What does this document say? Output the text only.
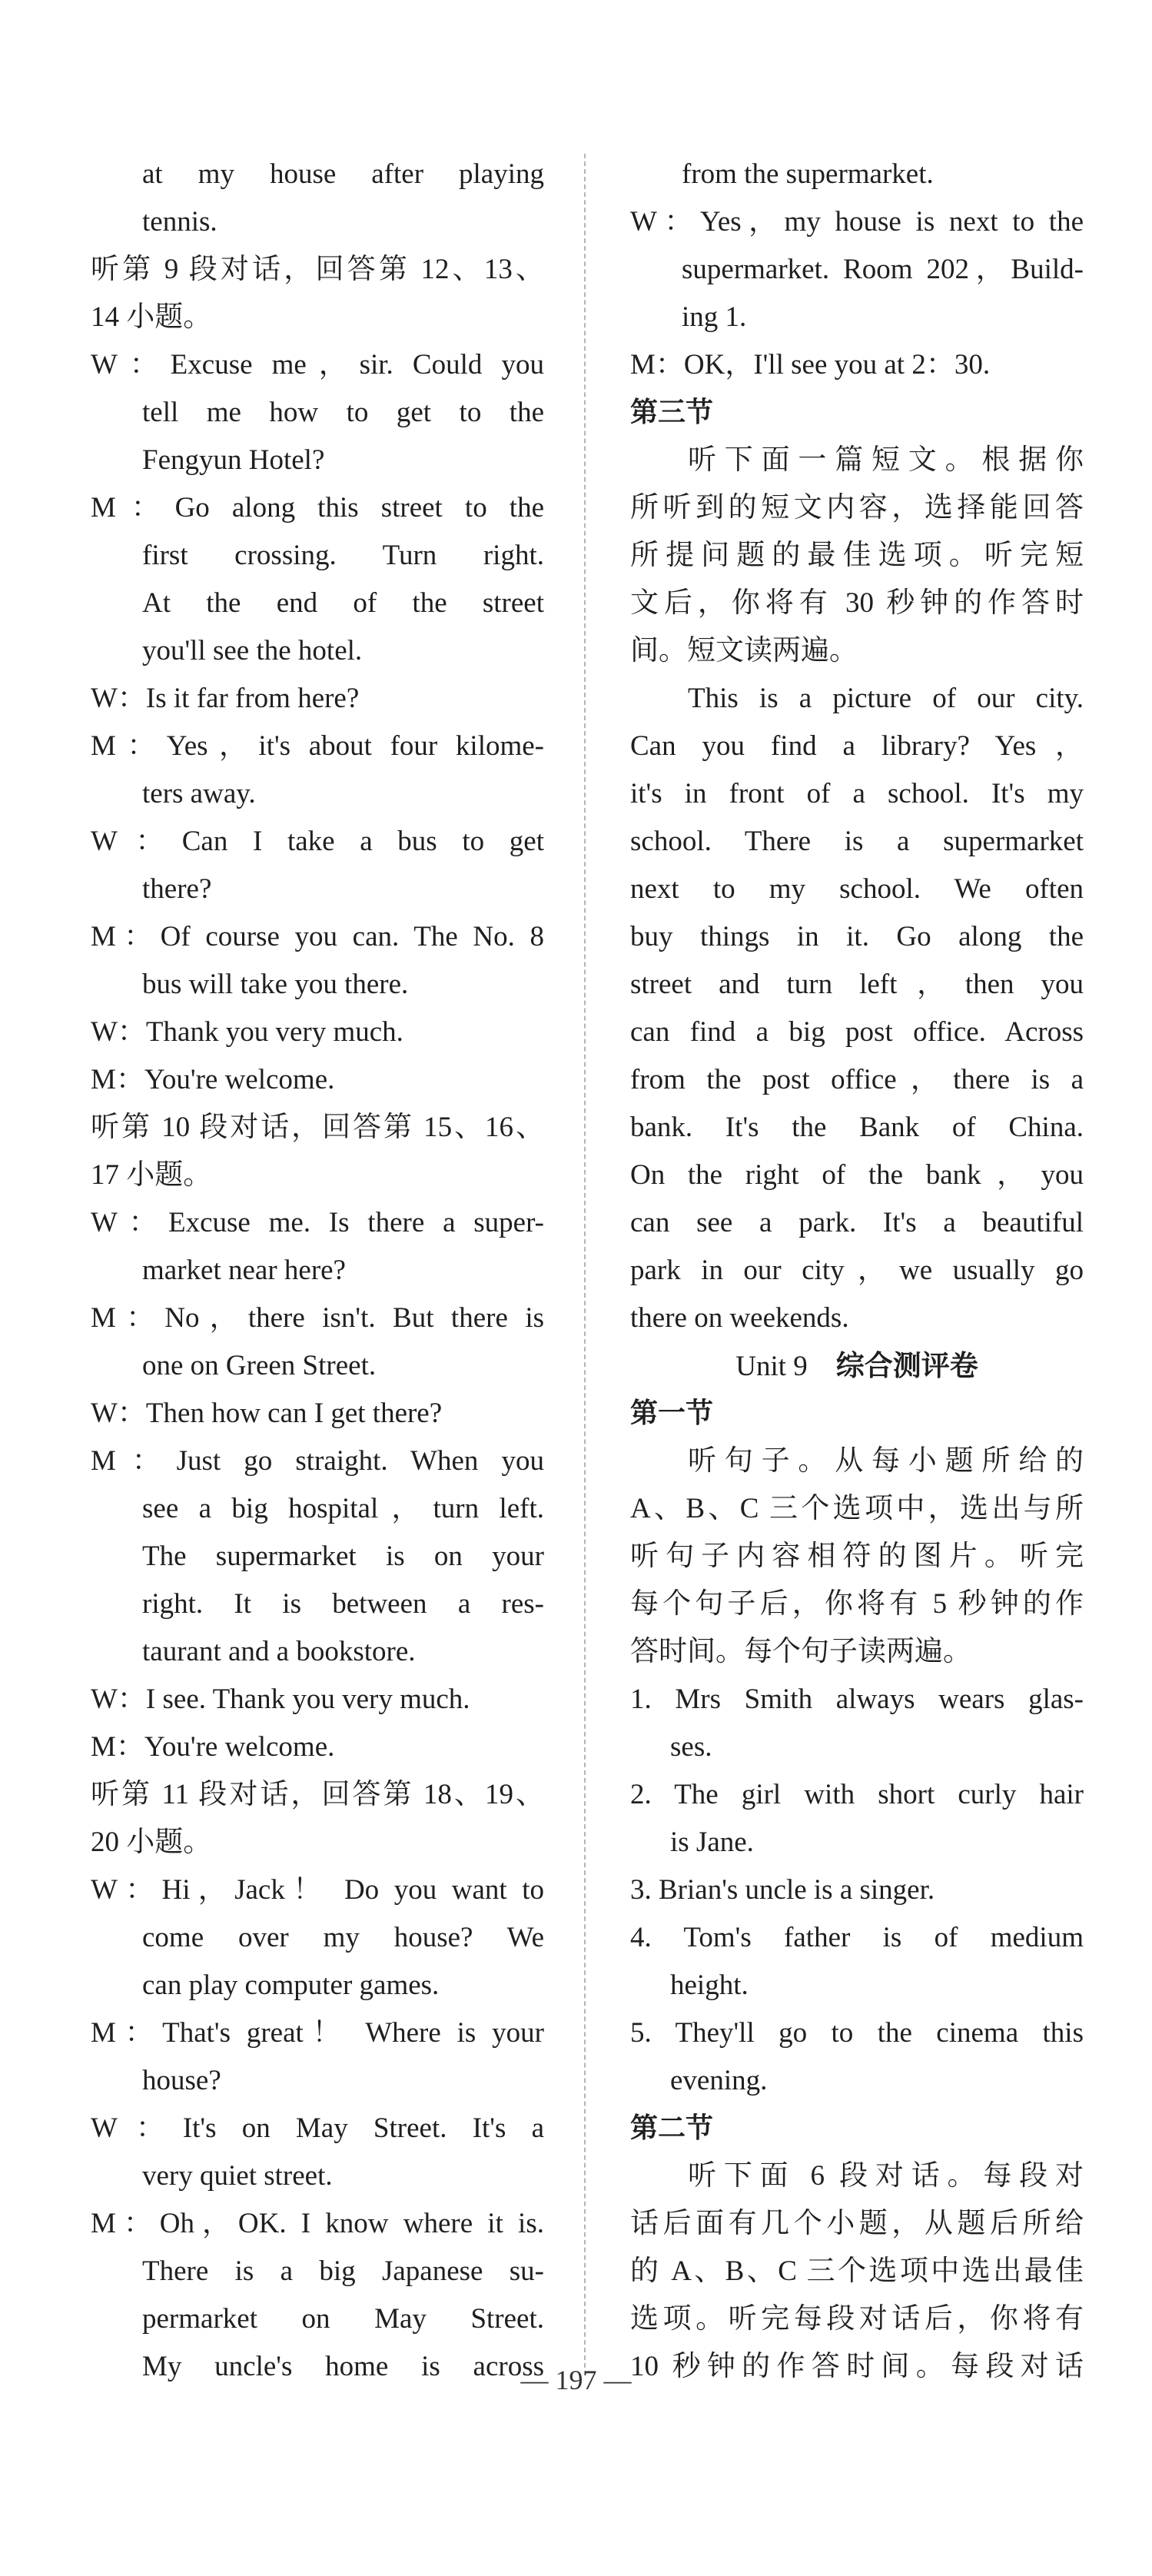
at my house after playing
tennis.
听第 9 段对话，回答第 12、13、
14 小题。
W：Excuse me，sir. Could you
tell me how to get to the
Fengyun Hotel?
M：Go along this street to the
first crossing. Turn right.
At the end of the street
you'll see the hotel.
W：Is it far from here?
M：Yes，it's about four kilome-
ters away.
W：Can I take a bus to get
there?
M：Of course you can. The No. 8
bus will take you there.
W：Thank you very much.
M：You're welcome.
听第 10 段对话，回答第 15、16、
17 小题。
W：Excuse me. Is there a super-
market near here?
M：No，there isn't. But there is
one on Green Street.
W：Then how can I get there?
M：Just go straight. When you
see a big hospital，turn left.
The supermarket is on your
right. It is between a res-
taurant and a bookstore.
W：I see. Thank you very much.
M：You're welcome.
听第 11 段对话，回答第 18、19、
20 小题。
W：Hi，Jack！ Do you want to
come over my house? We
can play computer games.
M：That's great！ Where is your
house?
W：It's on May Street. It's a
very quiet street.
M：Oh，OK. I know where it is.
There is a big Japanese su-
permarket on May Street.
My uncle's home is across
from the supermarket.
W：Yes，my house is next to the
supermarket. Room 202，Build-
ing 1.
M：OK，I'll see you at 2：30.
第三节
听下面一篇短文。根据你
所听到的短文内容，选择能回答
所提问题的最佳选项。听完短
文后，你将有 30 秒钟的作答时
间。短文读两遍。
This is a picture of our city.
Can you find a library? Yes，
it's in front of a school. It's my
school. There is a supermarket
next to my school. We often
buy things in it. Go along the
street and turn left，then you
can find a big post office. Across
from the post office，there is a
bank. It's the Bank of China.
On the right of the bank，you
can see a park. It's a beautiful
park in our city，we usually go
there on weekends.
Unit 9　综合测评卷
第一节
听句子。从每小题所给的
A、B、C 三个选项中，选出与所
听句子内容相符的图片。听完
每个句子后，你将有 5 秒钟的作
答时间。每个句子读两遍。
1. Mrs Smith always wears glas-
ses.
2. The girl with short curly hair
is Jane.
3. Brian's uncle is a singer.
4. Tom's father is of medium
height.
5. They'll go to the cinema this
evening.
第二节
听下面 6 段对话。每段对
话后面有几个小题，从题后所给
的 A、B、C 三个选项中选出最佳
选项。听完每段对话后，你将有
10 秒钟的作答时间。每段对话
— 197 —
